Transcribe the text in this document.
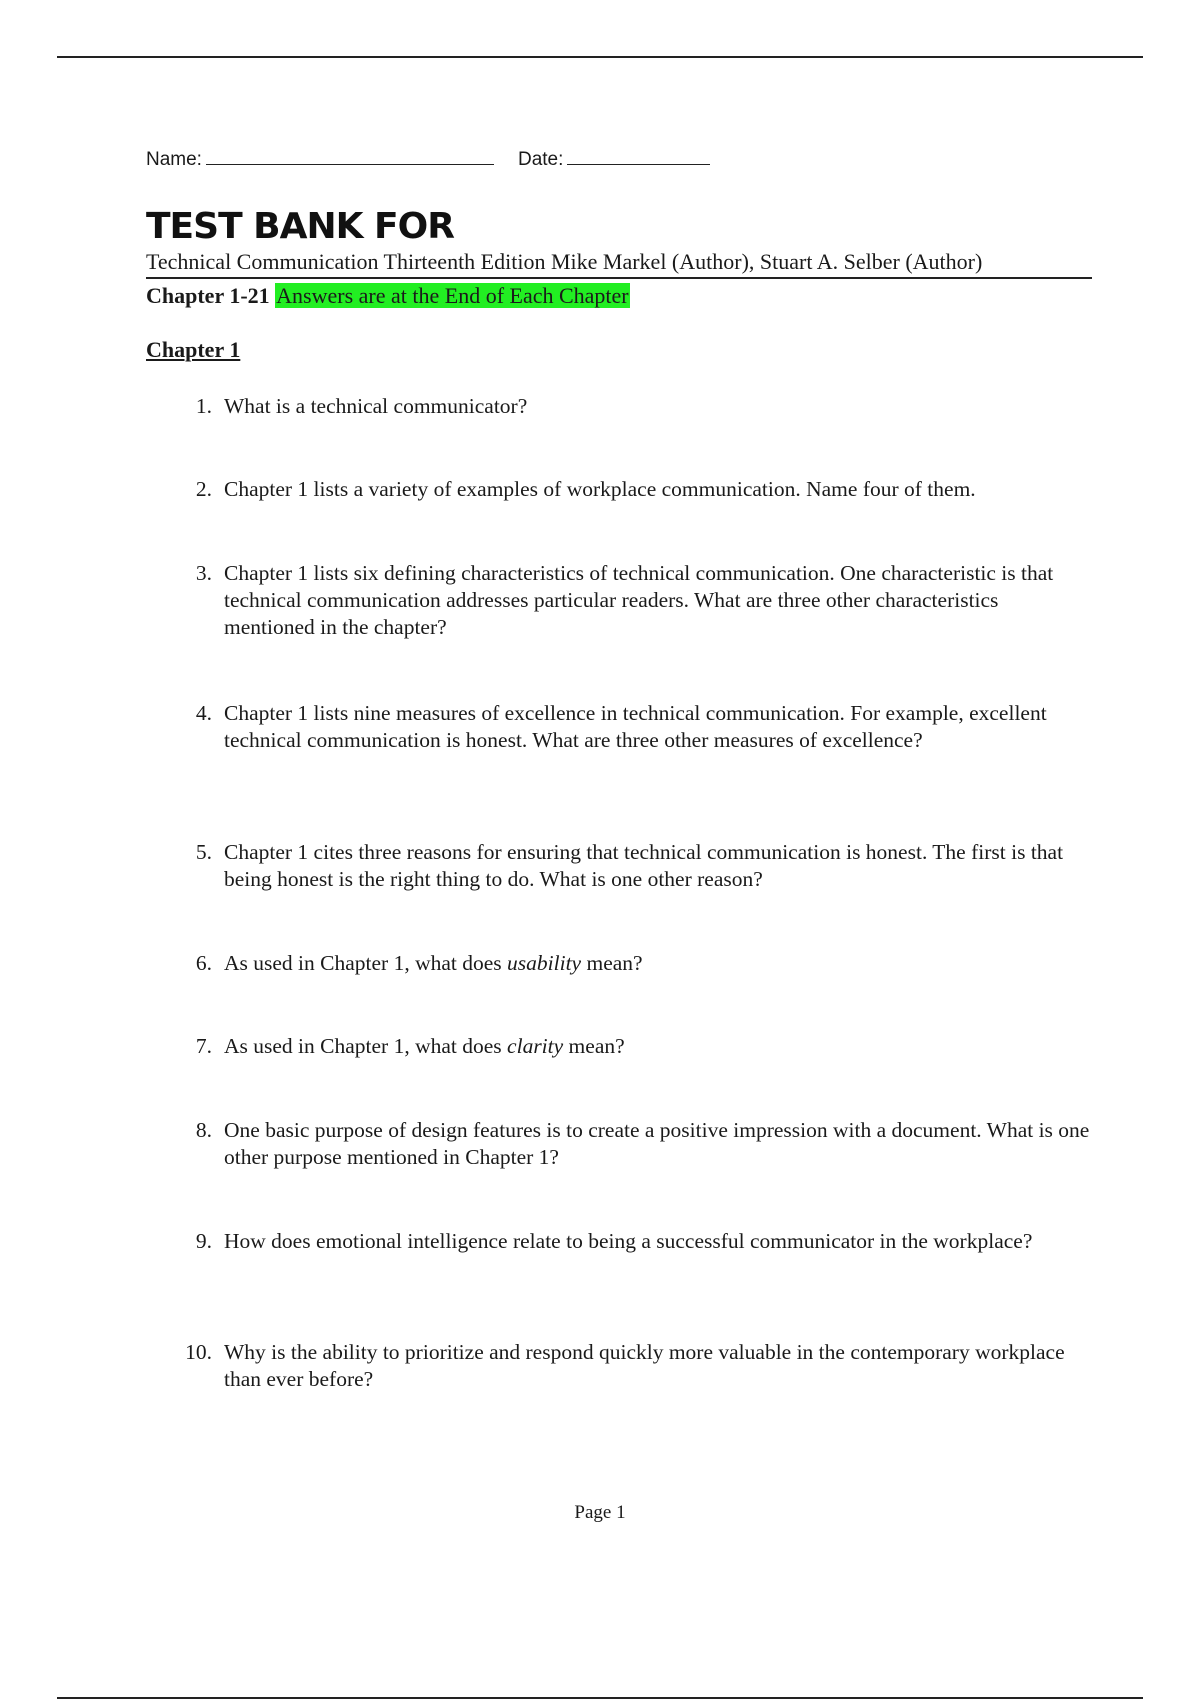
Name:	Date:
TEST BANK FOR
Technical Communication Thirteenth Edition Mike Markel (Author), Stuart A. Selber (Author)
Chapter 1-21 Answers are at the End of Each Chapter
Chapter 1
1. What is a technical communicator?
2. Chapter 1 lists a variety of examples of workplace communication. Name four of them.
3. Chapter 1 lists six defining characteristics of technical communication. One characteristic is that technical communication addresses particular readers. What are three other characteristics mentioned in the chapter?
4. Chapter 1 lists nine measures of excellence in technical communication. For example, excellent technical communication is honest. What are three other measures of excellence?
5. Chapter 1 cites three reasons for ensuring that technical communication is honest. The first is that being honest is the right thing to do. What is one other reason?
6. As used in Chapter 1, what does usability mean?
7. As used in Chapter 1, what does clarity mean?
8. One basic purpose of design features is to create a positive impression with a document. What is one other purpose mentioned in Chapter 1?
9. How does emotional intelligence relate to being a successful communicator in the workplace?
10. Why is the ability to prioritize and respond quickly more valuable in the contemporary workplace than ever before?
Page 1
